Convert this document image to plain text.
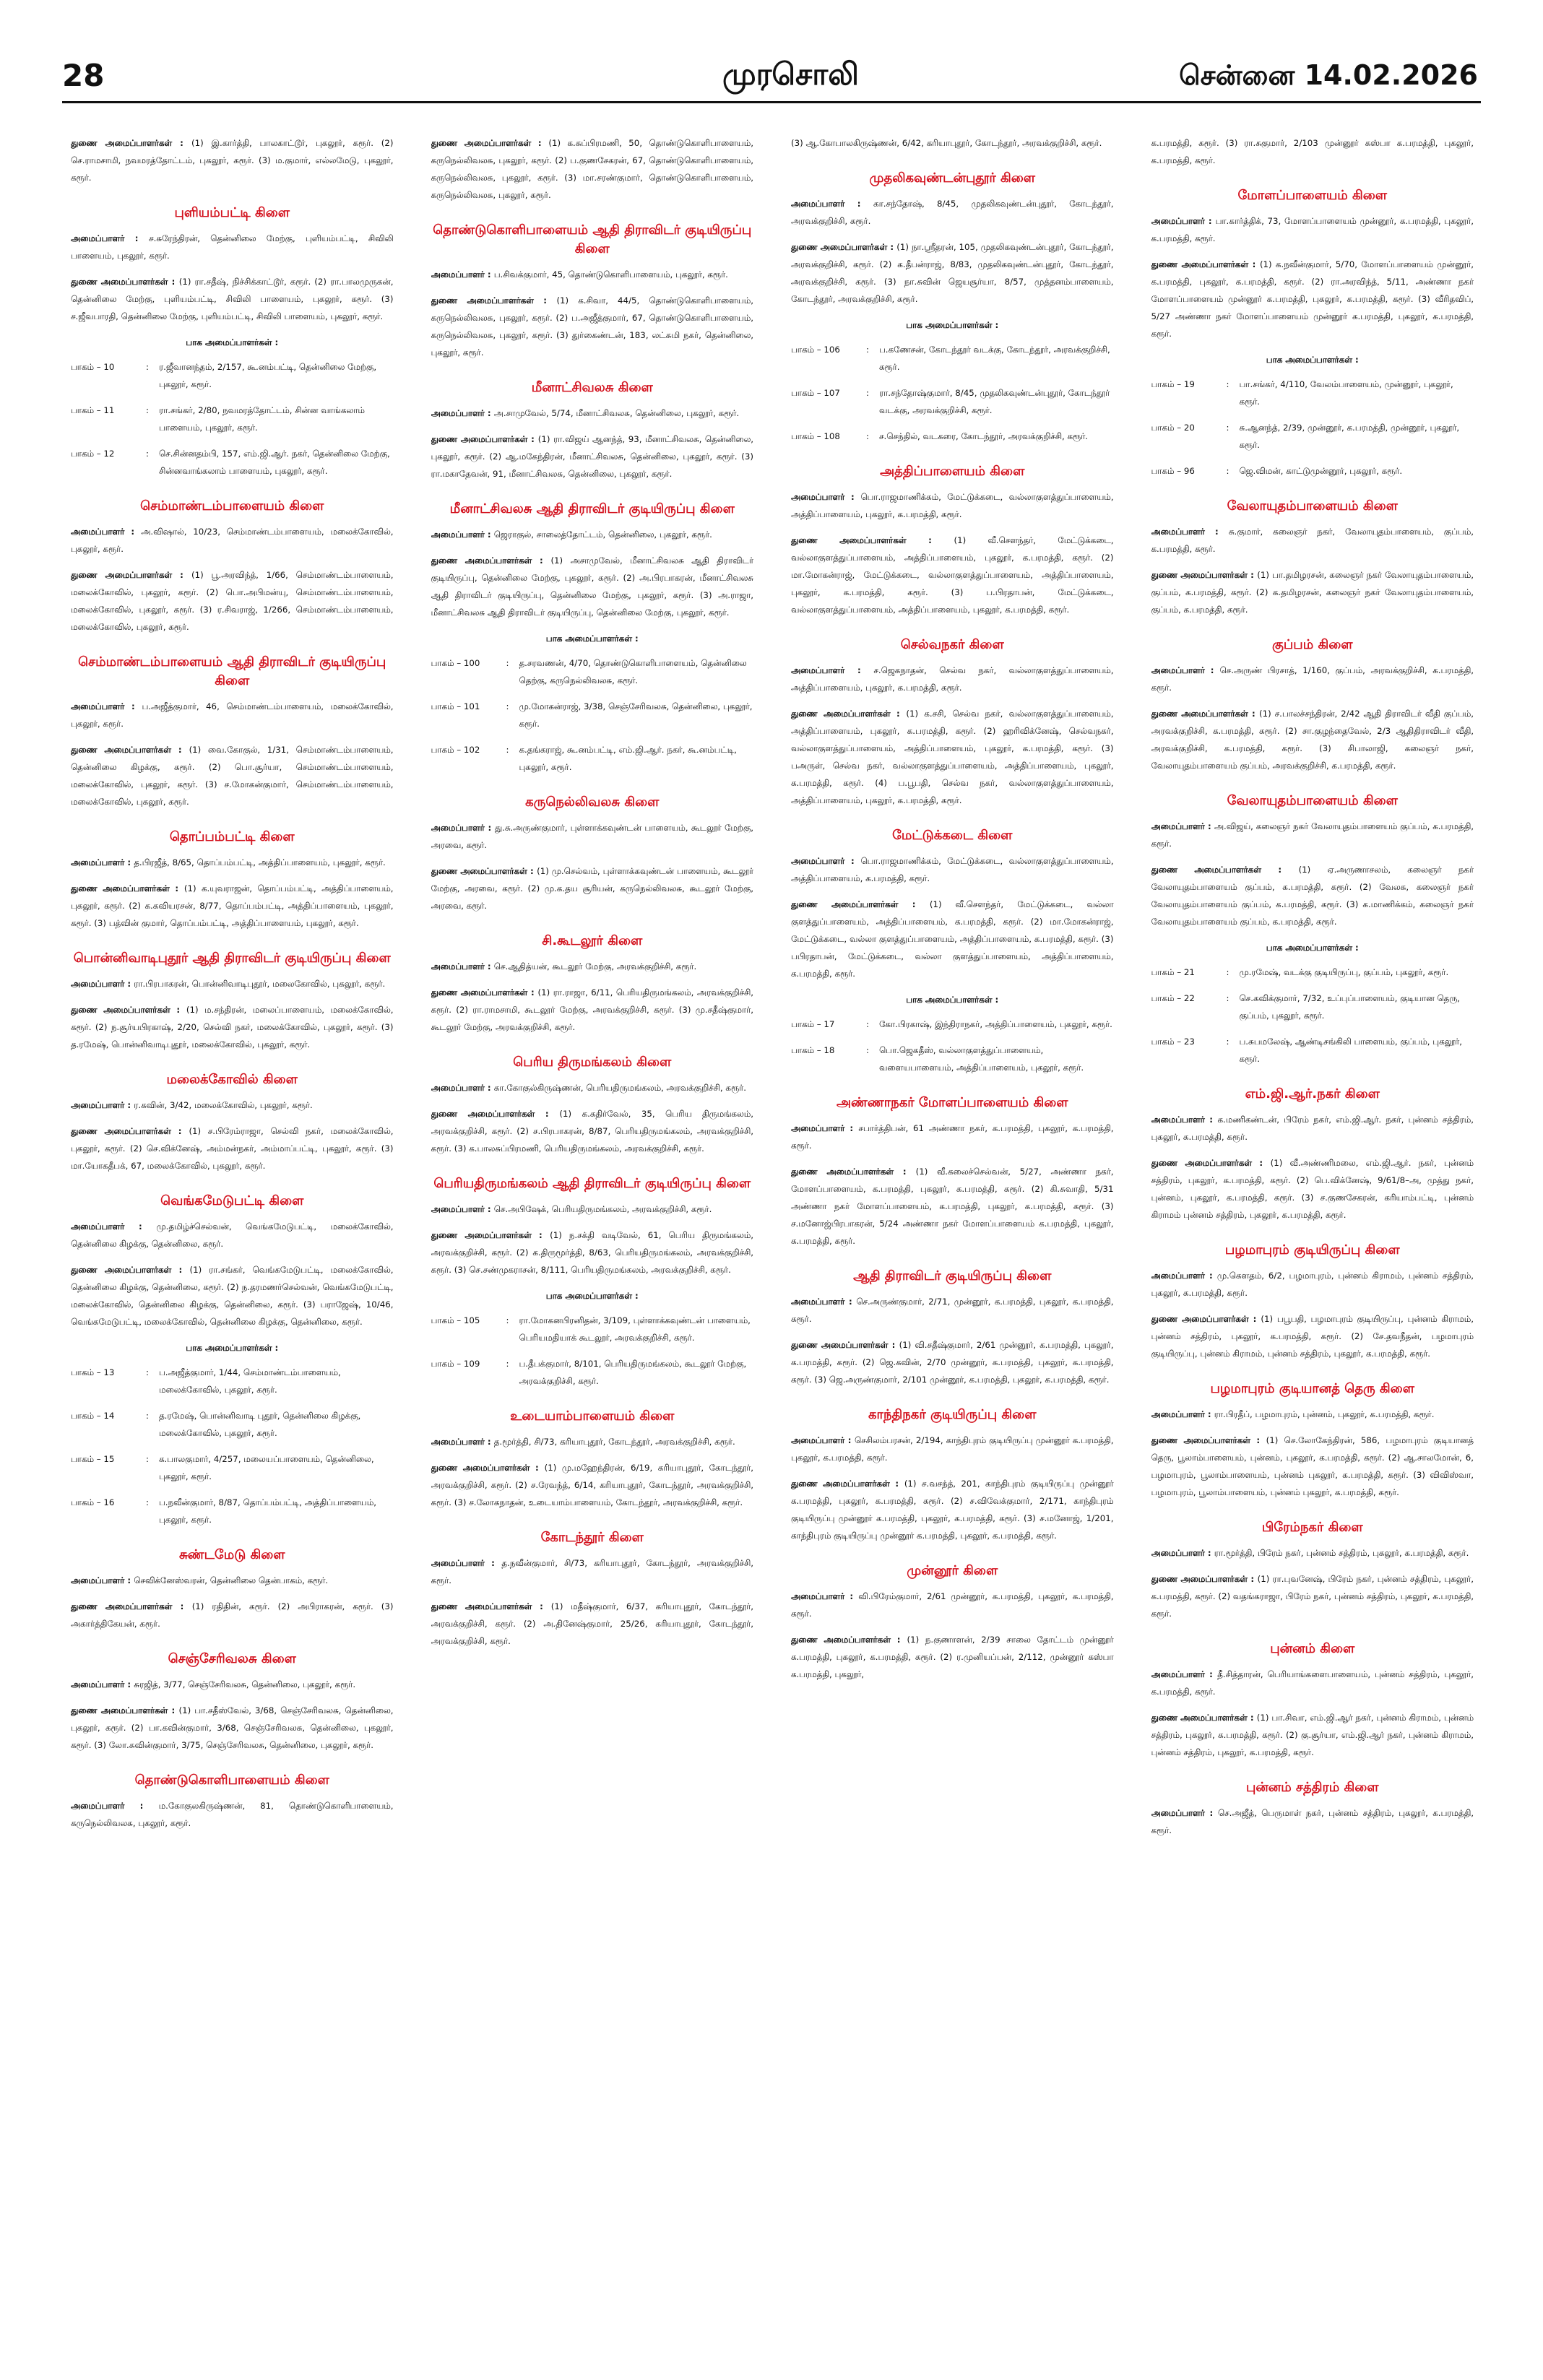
28	முரசொலி	சென்னை 14.02.2026
துணை அமைப்பாளர்கள் : (1) இ.கார்த்தி, பாலகாட்டூர், புகலூர், கரூர். (2) செ.ராமசாமி, நவமரத்தோட்டம், புகலூர், கரூர். (3) ம.குமார், எல்லமேடு, புகலூர், கரூர்.
புளியம்பட்டி கிளை
அமைப்பாளர் : ச.சுரேந்திரன், தென்னிலை மேற்கு, புளியம்பட்டி, சிவிலி பாளையம், புகலூர், கரூர்.
துணை அமைப்பாளர்கள் : (1) ரா.சதீஷ், நிச்சிக்காட்டூர், கரூர். (2) ரா.பாலமுருகன், தென்னிலை மேற்கு, புளியம்பட்டி, சிவிலி பாளையம், புகலூர், கரூர். (3) ச.ஜீவபாரதி, தென்னிலை மேற்கு, புளியம்பட்டி, சிவிலி பாளையம், புகலூர், கரூர்.
பாக அமைப்பாளர்கள் :
பாகம் – 10	:	ர.ஜீவானந்தம், 2/157, கூ.னம்பட்டி, தென்னிலை மேற்கு, புகலூர், கரூர்.
பாகம் – 11	:	ரா.சங்கர், 2/80, நவமரத்தோட்டம், சின்ன வாங்கலாம் பாளையம், புகலூர், கரூர்.
பாகம் – 12	:	செ.சின்னதம்பி, 157, எம்.ஜி.ஆர். நகர், தென்னிலை மேற்கு, சின்னவாங்கலாம் பாளையம், புகலூர், கரூர்.
செம்மாண்டம்பாளையம் கிளை
அமைப்பாளர் : அ.விஷால், 10/23, செம்மாண்டம்பாளையம், மலைக்கோவில், புகலூர், கரூர்.
துணை அமைப்பாளர்கள் : (1) பூ.அரவிந்த், 1/66, செம்மாண்டம்பாளையம், மலைக்கோவில், புகலூர், கரூர். (2) பொ.அபிமன்யு, செம்மாண்டம்பாளையம், மலைக்கோவில், புகலூர், கரூர். (3) ர.சிவராஜ், 1/266, செம்மாண்டம்பாளையம், மலைக்கோவில், புகலூர், கரூர்.
செம்மாண்டம்பாளையம் ஆதி திராவிடர் குடியிருப்பு கிளை
அமைப்பாளர் : ப.அஜீத்குமார், 46, செம்மாண்டம்பாளையம், மலைக்கோவில், புகலூர், கரூர்.
துணை அமைப்பாளர்கள் : (1) வை.கோகுல், 1/31, செம்மாண்டம்பாளையம், தென்னிலை கிழக்கு, கரூர். (2) பொ.சூர்யா, செம்மாண்டம்பாளையம், மலைக்கோவில், புகலூர், கரூர். (3) ச.மோகன்குமார், செம்மாண்டம்பாளையம், மலைக்கோவில், புகலூர், கரூர்.
தொப்பம்பட்டி கிளை
அமைப்பாளர் : த.பிரஜீத், 8/65, தொப்பம்பட்டி, அத்திப்பாளையம், புகலூர், கரூர்.
துணை அமைப்பாளர்கள் : (1) க.யுவராஜன், தொப்பம்பட்டி, அத்திப்பாளையம், புகலூர், கரூர். (2) க.கவியரசன், 8/77, தொப்பம்பட்டி, அத்திப்பாளையம், புகலூர், கரூர். (3) பத்வின் குமார், தொப்பம்பட்டி, அத்திப்பாளையம், புகலூர், கரூர்.
பொன்னிவாடிபுதூர் ஆதி திராவிடர் குடியிருப்பு கிளை
அமைப்பாளர் : ரா.பிரபாகரன், பொன்னிவாடிபுதூர், மலைகோவில், புகலூர், கரூர்.
துணை அமைப்பாளர்கள் : (1) ம.சந்திரன், மலைப்பாளையம், மலைக்கோவில், கரூர். (2) ந.சூர்யபிரகாஷ், 2/20, செல்வி நகர், மலைக்கோவில், புகலூர், கரூர். (3) த.ரமேஷ், பொன்னிவாடிபுதூர், மலைக்கோவில், புகலூர், கரூர்.
மலைக்கோவில் கிளை
அமைப்பாளர் : ர.கவின், 3/42, மலைக்கோவில், புகலூர், கரூர்.
துணை அமைப்பாளர்கள் : (1) ச.பிரேம்ராஜா, செல்வி நகர், மலைக்கோவில், புகலூர், கரூர். (2) செ.விக்னேஷ், அம்மன்நகர், அம்மாப்பட்டி, புகலூர், கரூர். (3) மா.யோகதீபக், 67, மலைக்கோவில், புகலூர், கரூர்.
வெங்கமேடுபட்டி கிளை
அமைப்பாளர் : மு.தமிழ்ச்செல்வன், வெங்கமேடுபட்டி, மலைக்கோவில், தென்னிலை கிழக்கு, தென்னிலை, கரூர்.
துணை அமைப்பாளர்கள் : (1) ரா.சங்கர், வெங்கமேடுபட்டி, மலைக்கோவில், தென்னிலை கிழக்கு, தென்னிலை, கரூர். (2) ந.தரமணர்செல்வன், வெங்கமேடுபட்டி, மலைக்கோவில், தென்னிலை கிழக்கு, தென்னிலை, கரூர். (3) பராஜேஷ், 10/46, வெங்கமேடுபட்டி, மலைக்கோவில், தென்னிலை கிழக்கு, தென்னிலை, கரூர்.
பாக அமைப்பாளர்கள் :
பாகம் – 13	:	ப.அஜீத்குமார், 1/44, செம்மாண்டம்பாளையம், மலைக்கோவில், புகலூர், கரூர்.
பாகம் – 14	:	த.ரமேஷ், பொன்னிவாடி புதூர், தென்னிலை கிழக்கு, மலைக்கோவில், புகலூர், கரூர்.
பாகம் – 15	:	க.பாலகுமார், 4/257, மலையப்பாளையம், தென்னிலை, புகலூர், கரூர்.
பாகம் – 16	:	ப.நவீன்குமார், 8/87, தொப்பம்பட்டி, அத்திப்பாளையம், புகலூர், கரூர்.
சுண்டமேடு கிளை
அமைப்பாளர் : செவிக்னேஸ்வரன், தென்னிலை தென்பாகம், கரூர்.
துணை அமைப்பாளர்கள் : (1) ரதிதின், கரூர். (2) அபிராகரன், கரூர். (3) அகார்த்திகேயன், கரூர்.
செஞ்சேரிவலசு கிளை
அமைப்பாளர் : சுரஜித், 3/77, செஞ்சேரிவலசு, தென்னிலை, புகலூர், கரூர்.
துணை அமைப்பாளர்கள் : (1) பா.சதீஸ்வேல், 3/68, செஞ்சேரிவலசு, தென்னிலை, புகலூர், கரூர். (2) பா.கவின்குமார், 3/68, செஞ்சேரிவலசு, தென்னிலை, புகலூர், கரூர். (3) லோ.சுவின்குமார், 3/75, செஞ்சேரிவலசு, தென்னிலை, புகலூர், கரூர்.
தொண்டுகொளிபாளையம் கிளை
அமைப்பாளர் : ம.கோகுலகிருஷ்ணன், 81, தொண்டுகொளிபாளையம், கருநெல்லிவலசு, புகலூர், கரூர்.
துணை அமைப்பாளர்கள் : (1) க.சுப்பிரமணி, 50, தொண்டுகொளிபாளையம், கருநெல்லிவலசு, புகலூர், கரூர். (2) ப.குணசேகரன், 67, தொண்டுகொளிபாளையம், கருநெல்லிவலசு, புகலூர், கரூர். (3) மா.சரண்குமார், தொண்டுகொளிபாளையம், கருநெல்லிவலசு, புகலூர், கரூர்.
தொண்டுகொளிபாளையம் ஆதி திராவிடர் குடியிருப்பு கிளை
அமைப்பாளர் : ப.சிவக்குமார், 45, தொண்டுகொளிபாளையம், புகலூர், கரூர்.
துணை அமைப்பாளர்கள் : (1) க.சிவா, 44/5, தொண்டுகொளிபாளையம், கருநெல்லிவலசு, புகலூர், கரூர். (2) ப.அஜீத்குமார், 67, தொண்டுகொளிபாளையம், கருநெல்லிவலசு, புகலூர், கரூர். (3) துர்கைண்டன், 183, லட்சுமி நகர், தென்னிலை, புகலூர், கரூர்.
மீனாட்சிவலசு கிளை
அமைப்பாளர் : அ.சாமுவேல், 5/74, மீனாட்சிவலசு, தென்னிலை, புகலூர், கரூர்.
துணை அமைப்பாளர்கள் : (1) ரா.விஜய் ஆனந்த், 93, மீனாட்சிவலசு, தென்னிலை, புகலூர், கரூர். (2) ஆ.மகேந்திரன், மீனாட்சிவலசு, தென்னிலை, புகலூர், கரூர். (3) ரா.மகாதேவன், 91, மீனாட்சிவலசு, தென்னிலை, புகலூர், கரூர்.
மீனாட்சிவலசு ஆதி திராவிடர் குடியிருப்பு கிளை
அமைப்பாளர் : ஜெராகுல், சாலைத்தோட்டம், தென்னிலை, புகலூர், கரூர்.
துணை அமைப்பாளர்கள் : (1) அசாமுவேல், மீனாட்சிவலசு ஆதி திராவிடர் குடியிருப்பு, தென்னிலை மேற்கு, புகலூர், கரூர். (2) அ.பிரபாகரன், மீனாட்சிவலசு ஆதி திராவிடர் குடியிருப்பு, தென்னிலை மேற்கு, புகலூர், கரூர். (3) அ.ராஜா, மீனாட்சிவலசு ஆதி திராவிடர் குடியிருப்பு, தென்னிலை மேற்கு, புகலூர், கரூர்.
பாக அமைப்பாளர்கள் :
பாகம் – 100	:	த.சரவணன், 4/70, தொண்டுகொளிபாளையம், தென்னிலை தெற்கு, கருநெல்லிவலசு, கரூர்.
பாகம் – 101	:	மு.மோகன்ராஜ், 3/38, செஞ்சேரிவலசு, தென்னிலை, புகலூர், கரூர்.
பாகம் – 102	:	க.தங்கராஜ், கூ.னம்பட்டி, எம்.ஜி.ஆர். நகர், கூ.னம்பட்டி, புகலூர், கரூர்.
கருநெல்லிவலசு கிளை
அமைப்பாளர் : து.சு.அருண்குமார், புள்ளாக்கவுண்டன் பாளையம், கூடலூர் மேற்கு, அரவை, கரூர்.
துணை அமைப்பாளர்கள் : (1) மு.செல்வம், புள்ளாக்கவுண்டன் பாளையம், கூடலூர் மேற்கு, அரவை, கரூர். (2) மு.க.தய சூரியன், கருநெல்லிவலசு, கூடலூர் மேற்கு, அரவை, கரூர்.
சி.கூடலூர் கிளை
அமைப்பாளர் : செ.ஆதித்யன், கூடலூர் மேற்கு, அரவக்குறிச்சி, கரூர்.
துணை அமைப்பாளர்கள் : (1) ரா.ராஜா, 6/11, பெரியதிருமங்கலம், அரவக்குறிச்சி, கரூர். (2) ரா.ராமசாமி, கூடலூர் மேற்கு, அரவக்குறிச்சி, கரூர். (3) மு.சதீஷ்குமார், கூடலூர் மேற்கு, அரவக்குறிச்சி, கரூர்.
பெரிய திருமங்கலம் கிளை
அமைப்பாளர் : கா.கோகுல்கிருஷ்ணன், பெரியதிருமங்கலம், அரவக்குறிச்சி, கரூர்.
துணை அமைப்பாளர்கள் : (1) க.கதிர்வேல், 35, பெரிய திருமங்கலம், அரவக்குறிச்சி, கரூர். (2) ச.பிரபாகரன், 8/87, பெரியதிருமங்கலம், அரவக்குறிச்சி, கரூர். (3) க.பாலசுப்பிரமணி, பெரியதிருமங்கலம், அரவக்குறிச்சி, கரூர்.
பெரியதிருமங்கலம் ஆதி திராவிடர் குடியிருப்பு கிளை
அமைப்பாளர் : செ.அபிஷேக், பெரியதிருமங்கலம், அரவக்குறிச்சி, கரூர்.
துணை அமைப்பாளர்கள் : (1) ந.சக்தி வடிவேல், 61, பெரிய திருமங்கலம், அரவக்குறிச்சி, கரூர். (2) க.திருமூர்த்தி, 8/63, பெரியதிருமங்கலம், அரவக்குறிச்சி, கரூர். (3) செ.சண்முகராசன், 8/111, பெரியதிருமங்கலம், அரவக்குறிச்சி, கரூர்.
பாக அமைப்பாளர்கள் :
பாகம் – 105	:	ரா.மோகனபிரனிதன், 3/109, புள்ளாக்கவுண்டன் பாளையம், பெரியமதியாக் கூடலூர், அரவக்குறிச்சி, கரூர்.
பாகம் – 109	:	ப.தீபக்குமார், 8/101, பெரியதிருமங்கலம், கூடலூர் மேற்கு, அரவக்குறிச்சி, கரூர்.
உடையாம்பாளையம் கிளை
அமைப்பாளர் : த.மூர்த்தி, சி/73, கரியாபுதூர், கோடந்தூர், அரவக்குறிச்சி, கரூர்.
துணை அமைப்பாளர்கள் : (1) மு.மஹேந்திரன், 6/19, கரியாபுதூர், கோடந்தூர், அரவக்குறிச்சி, கரூர். (2) ச.ரேவந்த், 6/14, கரியாபுதூர், கோடந்தூர், அரவக்குறிச்சி, கரூர். (3) ச.லோகநாதன், உடையாம்பாளையம், கோடந்தூர், அரவக்குறிச்சி, கரூர்.
கோடந்தூர் கிளை
அமைப்பாளர் : த.நவீன்குமார், சி/73, கரியாபுதூர், கோடந்தூர், அரவக்குறிச்சி, கரூர்.
துணை அமைப்பாளர்கள் : (1) மதீஷ்குமார், 6/37, கரியாபுதூர், கோடந்தூர், அரவக்குறிச்சி, கரூர். (2) அ.தினேஷ்குமார், 25/26, கரியாபுதூர், கோடந்தூர், அரவக்குறிச்சி, கரூர்.
(3) ஆ.கோபாலகிருஷ்ணன், 6/42, கரியாபுதூர், கோடந்தூர், அரவக்குறிச்சி, கரூர்.
முதலிகவுண்டன்புதூர் கிளை
அமைப்பாளர் : கா.சந்தோஷ், 8/45, முதலிகவுண்டன்புதூர், கோடந்தூர், அரவக்குறிச்சி, கரூர்.
துணை அமைப்பாளர்கள் : (1) நா.ஸ்ரீதரன், 105, முதலிகவுண்டன்புதூர், கோடந்தூர், அரவக்குறிச்சி, கரூர். (2) க.தீபன்ராஜ், 8/83, முதலிகவுண்டன்புதூர், கோடந்தூர், அரவக்குறிச்சி, கரூர். (3) நா.சுவின் ஜெயசூர்யா, 8/57, முத்தனம்பாளையம், கோடந்தூர், அரவக்குறிச்சி, கரூர்.
பாக அமைப்பாளர்கள் :
பாகம் – 106	:	ப.கணேசன், கோடந்தூர் வடக்கு, கோடந்தூர், அரவக்குறிச்சி, கரூர்.
பாகம் – 107	:	ரா.சந்தோஷ்குமார், 8/45, முதலிகவுண்டன்புதூர், கோடந்தூர் வடக்கு, அரவக்குறிச்சி, கரூர்.
பாகம் – 108	:	ச.செந்தில், வடகரை, கோடந்தூர், அரவக்குறிச்சி, கரூர்.
அத்திப்பாளையம் கிளை
அமைப்பாளர் : பொ.ராஜமாணிக்கம், மேட்டுக்கடை, வல்லாகுளத்துப்பாளையம், அத்திப்பாளையம், புகலூர், க.பரமத்தி, கரூர்.
துணை அமைப்பாளர்கள் : (1) வீ.செளந்தர், மேட்டுக்கடை, வல்லாகுளத்துப்பாளையம், அத்திப்பாளையம், புகலூர், க.பரமத்தி, கரூர். (2) மா.மோகன்ராஜ், மேட்டுக்கடை, வல்லாகுளத்துப்பாளையம், அத்திப்பாளையம், புகலூர், க.பரமத்தி, கரூர். (3) ப.பிரதாபன், மேட்டுக்கடை, வல்லாகுளத்துப்பாளையம், அத்திப்பாளையம், புகலூர், க.பரமத்தி, கரூர்.
செல்வநகர் கிளை
அமைப்பாளர் : ச.ஜெகநாதன், செல்வ நகர், வல்லாகுளத்துப்பாளையம், அத்திப்பாளையம், புகலூர், க.பரமத்தி, கரூர்.
துணை அமைப்பாளர்கள் : (1) க.சசி, செல்வ நகர், வல்லாகுளத்துப்பாளையம், அத்திப்பாளையம், புகலூர், க.பரமத்தி, கரூர். (2) ஹரிவிக்னேஷ், செல்வநகர், வல்லாகுளத்துப்பாளையம், அத்திப்பாளையம், புகலூர், க.பரமத்தி, கரூர். (3) பஅருள், செல்வ நகர், வல்லாகுளத்துப்பாளையம், அத்திப்பாளையம், புகலூர், க.பரமத்தி, கரூர். (4) ப.பூபதி, செல்வ நகர், வல்லாகுளத்துப்பாளையம், அத்திப்பாளையம், புகலூர், க.பரமத்தி, கரூர்.
மேட்டுக்கடை கிளை
அமைப்பாளர் : பொ.ராஜமாணிக்கம், மேட்டுக்கடை, வல்லாகுளத்துப்பாளையம், அத்திப்பாளையம், க.பரமத்தி, கரூர்.
துணை அமைப்பாளர்கள் : (1) வீ.செளந்தர், மேட்டுக்கடை, வல்லா குளத்துப்பாளையம், அத்திப்பாளையம், க.பரமத்தி, கரூர். (2) மா.மோகன்ராஜ், மேட்டுக்கடை, வல்லா குளத்துப்பாளையம், அத்திப்பாளையம், க.பரமத்தி, கரூர். (3) பபிரதாபன், மேட்டுக்கடை, வல்லா குளத்துப்பாளையம், அத்திப்பாளையம், க.பரமத்தி, கரூர்.
பாக அமைப்பாளர்கள் :
பாகம் – 17	:	கோ.பிரகாஷ், இந்திராநகர், அத்திப்பாளையம், புகலூர், கரூர்.
பாகம் – 18	:	பொ.ஜெகதீஸ், வல்லாகுளத்துப்பாளையம், வளையபாளையம், அத்திப்பாளையம், புகலூர், கரூர்.
அண்ணாநகர் மோளப்பாளையம் கிளை
அமைப்பாளர் : சபார்த்திபன், 61 அண்ணா நகர், க.பரமத்தி, புகலூர், க.பரமத்தி, கரூர்.
துணை அமைப்பாளர்கள் : (1) வீ.கலைச்செல்வன், 5/27, அண்ணா நகர், மோளப்பாளையம், க.பரமத்தி, புகலூர், க.பரமத்தி, கரூர். (2) கி.சுவாதி, 5/31 அண்ணா நகர் மோளப்பாளையம், க.பரமத்தி, புகலூர், க.பரமத்தி, கரூர். (3) ச.மனோஜ்பிரபாகரன், 5/24 அண்ணா நகர் மோளப்பாளையம் க.பரமத்தி, புகலூர், க.பரமத்தி, கரூர்.
ஆதி திராவிடர் குடியிருப்பு கிளை
அமைப்பாளர் : செ.அருண்குமார், 2/71, முன்னூர், க.பரமத்தி, புகலூர், க.பரமத்தி, கரூர்.
துணை அமைப்பாளர்கள் : (1) வி.சதீஷ்குமார், 2/61 முன்னூர், க.பரமத்தி, புகலூர், க.பரமத்தி, கரூர். (2) ஜெ.கவின், 2/70 முன்னூர், க.பரமத்தி, புகலூர், க.பரமத்தி, கரூர். (3) ஜெ.அருண்குமார், 2/101 முன்னூர், க.பரமத்தி, புகலூர், க.பரமத்தி, கரூர்.
காந்திநகர் குடியிருப்பு கிளை
அமைப்பாளர் : செசிலம்பரசன், 2/194, காந்திபுரம் குடியிருப்பு முன்னூர் க.பரமத்தி, புகலூர், க.பரமத்தி, கரூர்.
துணை அமைப்பாளர்கள் : (1) ச.வசந்த், 201, காந்திபுரம் குடியிருப்பு முன்னூர் க.பரமத்தி, புகலூர், க.பரமத்தி, கரூர். (2) ச.விவேக்குமார், 2/171, காந்திபுரம் குடியிருப்பு முன்னூர் க.பரமத்தி, புகலூர், க.பரமத்தி, கரூர். (3) ச.மனோஜ், 1/201, காந்திபுரம் குடியிருப்பு முன்னூர் க.பரமத்தி, புகலூர், க.பரமத்தி, கரூர்.
முன்னூர் கிளை
அமைப்பாளர் : வி.பிரேம்குமார், 2/61 முன்னூர், க.பரமத்தி, புகலூர், க.பரமத்தி, கரூர்.
துணை அமைப்பாளர்கள் : (1) ந.குணாளன், 2/39 சாலை தோட்டம் முன்னூர் க.பரமத்தி, புகலூர், க.பரமத்தி, கரூர். (2) ர.முனியப்பன், 2/112, முன்னூர் கஸ்பா க.பரமத்தி, புகலூர்,
க.பரமத்தி, கரூர். (3) ரா.சுகுமார், 2/103 முன்னூர் கஸ்பா க.பரமத்தி, புகலூர், க.பரமத்தி, கரூர்.
மோளப்பாளையம் கிளை
அமைப்பாளர் : பா.கார்த்திக், 73, மோளப்பாளையம் முன்னூர், க.பரமத்தி, புகலூர், க.பரமத்தி, கரூர்.
துணை அமைப்பாளர்கள் : (1) க.நவீன்குமார், 5/70, மோளப்பாளையம் முன்னூர், க.பரமத்தி, புகலூர், க.பரமத்தி, கரூர். (2) ரா.அரவிந்த், 5/11, அண்ணா நகர் மோளப்பாளையம் முன்னூர் க.பரமத்தி, புகலூர், க.பரமத்தி, கரூர். (3) வீரிதவிப், 5/27 அண்ணா நகர் மோளப்பாளையம் முன்னூர் க.பரமத்தி, புகலூர், க.பரமத்தி, கரூர்.
பாக அமைப்பாளர்கள் :
பாகம் – 19	:	பா.சங்கர், 4/110, வேலம்பாளையம், முன்னூர், புகலூர், கரூர்.
பாகம் – 20	:	சு.ஆனந்த், 2/39, முன்னூர், க.பரமத்தி, முன்னூர், புகலூர், கரூர்.
பாகம் – 96	:	ஜெ.விமன், காட்டுமுன்னூர், புகலூர், கரூர்.
வேலாயுதம்பாளையம் கிளை
அமைப்பாளர் : சு.குமார், கலைஞர் நகர், வேலாயுதம்பாளையம், குப்பம், க.பரமத்தி, கரூர்.
துணை அமைப்பாளர்கள் : (1) பா.தமிழரசன், கலைஞர் நகர் வேலாயுதம்பாளையம், குப்பம், க.பரமத்தி, கரூர். (2) க.தமிழரசன், கலைஞர் நகர் வேலாயுதம்பாளையம், குப்பம், க.பரமத்தி, கரூர்.
குப்பம் கிளை
அமைப்பாளர் : செ.அருண் பிரசாத், 1/160, குப்பம், அரவக்குறிச்சி, க.பரமத்தி, கரூர்.
துணை அமைப்பாளர்கள் : (1) ச.பாலச்சந்திரன், 2/42 ஆதி திராவிடர் வீதி குப்பம், அரவக்குறிச்சி, க.பரமத்தி, கரூர். (2) சா.குழந்தைவேல், 2/3 ஆதிதிராவிடர் வீதி, அரவக்குறிச்சி, க.பரமத்தி, கரூர். (3) சிபாலாஜி, கலைஞர் நகர், வேலாயுதம்பாளையம் குப்பம், அரவக்குறிச்சி, க.பரமத்தி, கரூர்.
வேலாயுதம்பாளையம் கிளை
அமைப்பாளர் : அ.விஜய், கலைஞர் நகர் வேலாயுதம்பாளையம் குப்பம், க.பரமத்தி, கரூர்.
துணை அமைப்பாளர்கள் : (1) ஏ.அருணாசலம், கலைஞர் நகர் வேலாயுதம்பாளையம் குப்பம், க.பரமத்தி, கரூர். (2) வேலசு, கலைஞர் நகர் வேலாயுதம்பாளையம் குப்பம், க.பரமத்தி, கரூர். (3) க.மாணிக்கம், கலைஞர் நகர் வேலாயுதம்பாளையம் குப்பம், க.பரமத்தி, கரூர்.
பாக அமைப்பாளர்கள் :
பாகம் – 21	:	மு.ரமேஷ், வடக்கு குடியிருப்பு, குப்பம், புகலூர், கரூர்.
பாகம் – 22	:	செ.கவிக்குமார், 7/32, உப்புப்பாளையம், குடியான தெரு, குப்பம், புகலூர், கரூர்.
பாகம் – 23	:	ப.சுபமலேஷ், ஆண்டிசங்கிலி பாளையம், குப்பம், புகலூர், கரூர்.
எம்.ஜி.ஆர்.நகர் கிளை
அமைப்பாளர் : க.மணிகண்டன், பிரேம் நகர், எம்.ஜி.ஆர். நகர், புன்னம் சத்திரம், புகலூர், க.பரமத்தி, கரூர்.
துணை அமைப்பாளர்கள் : (1) வீ.அண்ணிமலை, எம்.ஜி.ஆர். நகர், புன்னம் சத்திரம், புகலூர், க.பரமத்தி, கரூர். (2) பெ.விக்னேஷ், 9/61/8–அ, முத்து நகர், புன்னம், புகலூர், க.பரமத்தி, கரூர். (3) ச.குணசேகரன், கரியாம்பட்டி, புன்னம் கிராமம் புன்னம் சத்திரம், புகலூர், க.பரமத்தி, கரூர்.
பழமாபுரம் குடியிருப்பு கிளை
அமைப்பாளர் : மு.கௌதம், 6/2, பழமாபுரம், புன்னம் கிராமம், புன்னம் சத்திரம், புகலூர், க.பரமத்தி, கரூர்.
துணை அமைப்பாளர்கள் : (1) பபூபதி, பழமாபுரம் குடியிருப்பு, புன்னம் கிராமம், புன்னம் சத்திரம், புகலூர், க.பரமத்தி, கரூர். (2) சே.தவநீதன், பழமாபுரம் குடியிருப்பு, புன்னம் கிராமம், புன்னம் சத்திரம், புகலூர், க.பரமத்தி, கரூர்.
பழமாபுரம் குடியானத் தெரு கிளை
அமைப்பாளர் : ரா.பிரதீப், பழமாபுரம், புன்னம், புகலூர், க.பரமத்தி, கரூர்.
துணை அமைப்பாளர்கள் : (1) செ.லோகேந்திரன், 586, பழமாபுரம் குடியானத் தெரு, பூலாம்பாளையம், புன்னம், புகலூர், க.பரமத்தி, கரூர். (2) ஆ.சாலமோன், 6, பழமாபுரம், பூலாம்பாளையம், புன்னம் புகலூர், க.பரமத்தி, கரூர். (3) விவிஸ்வா, பழமாபுரம், பூலாம்பாளையம், புன்னம் புகலூர், க.பரமத்தி, கரூர்.
பிரேம்நகர் கிளை
அமைப்பாளர் : ரா.மூர்த்தி, பிரேம் நகர், புன்னம் சத்திரம், புகலூர், க.பரமத்தி, கரூர்.
துணை அமைப்பாளர்கள் : (1) ரா.புவனேஷ், பிரேம் நகர், புன்னம் சத்திரம், புகலூர், க.பரமத்தி, கரூர். (2) வதங்கராஜா, பிரேம் நகர், புன்னம் சத்திரம், புகலூர், க.பரமத்தி, கரூர்.
புன்னம் கிளை
அமைப்பாளர் : தீ.சித்தாரன், பெரியாங்களைபாளையம், புன்னம் சத்திரம், புகலூர், க.பரமத்தி, கரூர்.
துணை அமைப்பாளர்கள் : (1) பா.சிவா, எம்.ஜி.ஆர் நகர், புன்னம் கிராமம், புன்னம் சத்திரம், புகலூர், க.பரமத்தி, கரூர். (2) கு.சூர்யா, எம்.ஜி.ஆர் நகர், புன்னம் கிராமம், புன்னம் சத்திரம், புகலூர், க.பரமத்தி, கரூர்.
புன்னம் சத்திரம் கிளை
அமைப்பாளர் : செ.அஜீத், பெருமாள் நகர், புன்னம் சத்திரம், புகலூர், க.பரமத்தி, கரூர்.
